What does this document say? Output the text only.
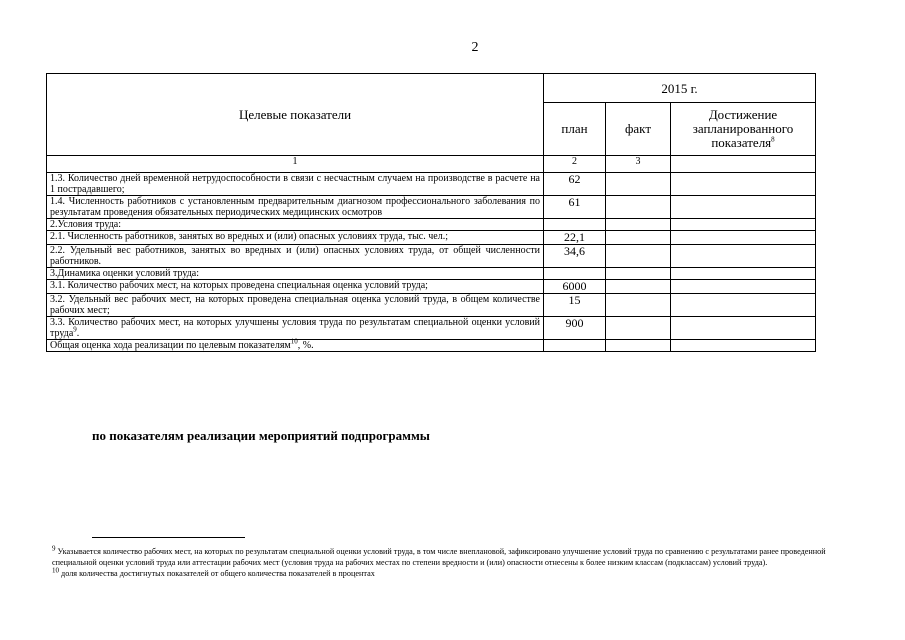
2
Целевые показатели	2015 г.		
	план	факт	Достижение запланированного показателя$^8$
1	2	3	
1.3. Количество дней временной нетрудоспособности в связи с несчастным случаем на производстве в расчете на 1 пострадавшего;	62		
1.4. Численность работников с установленным предварительным диагнозом профессионального заболевания по результатам проведения обязательных периодических медицинских осмотров	61		
2.Условия труда:			
2.1. Численность работников, занятых во вредных и (или) опасных условиях труда, тыс. чел.;	22,1		
2.2. Удельный вес работников, занятых во вредных и (или) опасных условиях труда, от общей численности работников.	34,6		
3.Динамика оценки условий труда:			
3.1. Количество рабочих мест, на которых проведена специальная оценка условий труда;	6000		
3.2. Удельный вес рабочих мест, на которых проведена специальная оценка условий труда, в общем количестве рабочих мест;	15		
3.3. Количество рабочих мест, на которых улучшены условия труда по результатам специальной оценки условий труда$^9$.	900		
Общая оценка хода реализации по целевым показателям$^{10}$, %.			
по показателям реализации мероприятий подпрограммы

$^9$ Указывается количество рабочих мест, на которых по результатам специальной оценки условий труда, в том числе внеплановой, зафиксировано улучшение условий труда по сравнению с результатами ранее проведенной специальной оценки условий труда или аттестации рабочих мест (условия труда на рабочих местах по степени вредности и (или) опасности отнесены к более низким классам (подклассам) условий труда).

$^{10}$ доля количества достигнутых показателей от общего количества показателей в процентах
